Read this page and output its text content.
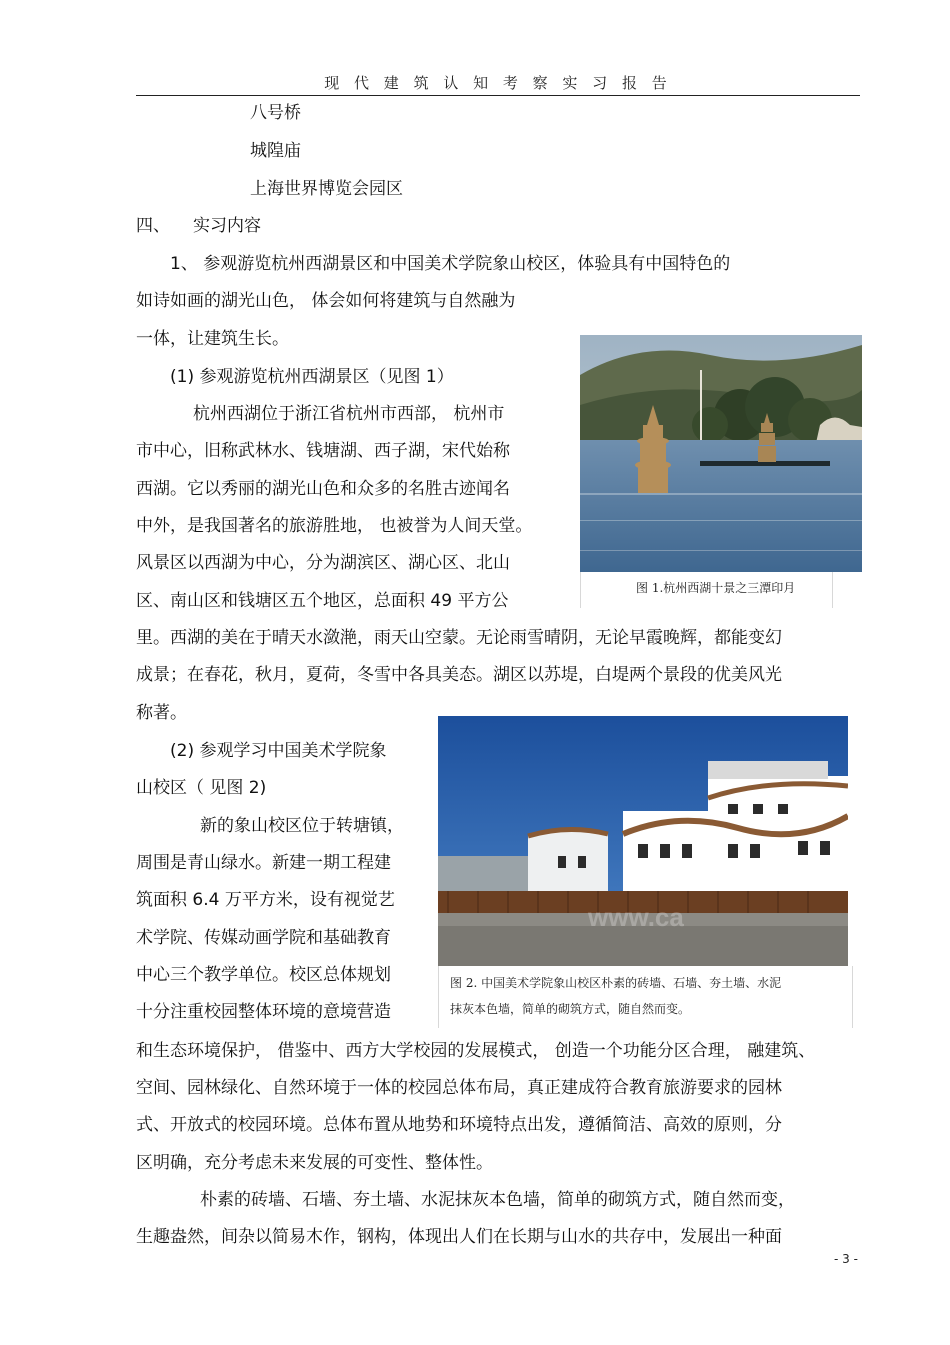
现 代 建 筑 认 知 考 察 实 习 报 告
八号桥
城隍庙
上海世界博览会园区
四、 实习内容
1、 参观游览杭州西湖景区和中国美术学院象山校区，体验具有中国特色的
如诗如画的湖光山色， 体会如何将建筑与自然融为
一体，让建筑生长。
图 1.杭州西湖十景之三潭印月
(1) 参观游览杭州西湖景区（见图 1）
杭州西湖位于浙江省杭州市西部， 杭州市
市中心，旧称武林水、钱塘湖、西子湖，宋代始称
西湖。它以秀丽的湖光山色和众多的名胜古迹闻名
中外，是我国著名的旅游胜地， 也被誉为人间天堂。
风景区以西湖为中心，分为湖滨区、湖心区、北山
区、南山区和钱塘区五个地区，总面积 49 平方公
里。西湖的美在于晴天水潋滟，雨天山空蒙。无论雨雪晴阴，无论早霞晚辉，都能变幻
成景；在春花，秋月，夏荷，冬雪中各具美态。湖区以苏堤，白堤两个景段的优美风光
称著。
www.ca
图 2. 中国美术学院象山校区朴素的砖墙、石墙、夯土墙、水泥
抹灰本色墙，简单的砌筑方式，随自然而变。
(2) 参观学习中国美术学院象
山校区（ 见图 2)
新的象山校区位于转塘镇，
周围是青山绿水。新建一期工程建
筑面积 6.4 万平方米，设有视觉艺
术学院、传媒动画学院和基础教育
中心三个教学单位。校区总体规划
十分注重校园整体环境的意境营造
和生态环境保护， 借鉴中、西方大学校园的发展模式， 创造一个功能分区合理， 融建筑、
空间、园林绿化、自然环境于一体的校园总体布局，真正建成符合教育旅游要求的园林
式、开放式的校园环境。总体布置从地势和环境特点出发，遵循简洁、高效的原则，分
区明确，充分考虑未来发展的可变性、整体性。
朴素的砖墙、石墙、夯土墙、水泥抹灰本色墙，简单的砌筑方式，随自然而变，
生趣盎然，间杂以简易木作，钢构，体现出人们在长期与山水的共存中，发展出一种面
- 3 -
